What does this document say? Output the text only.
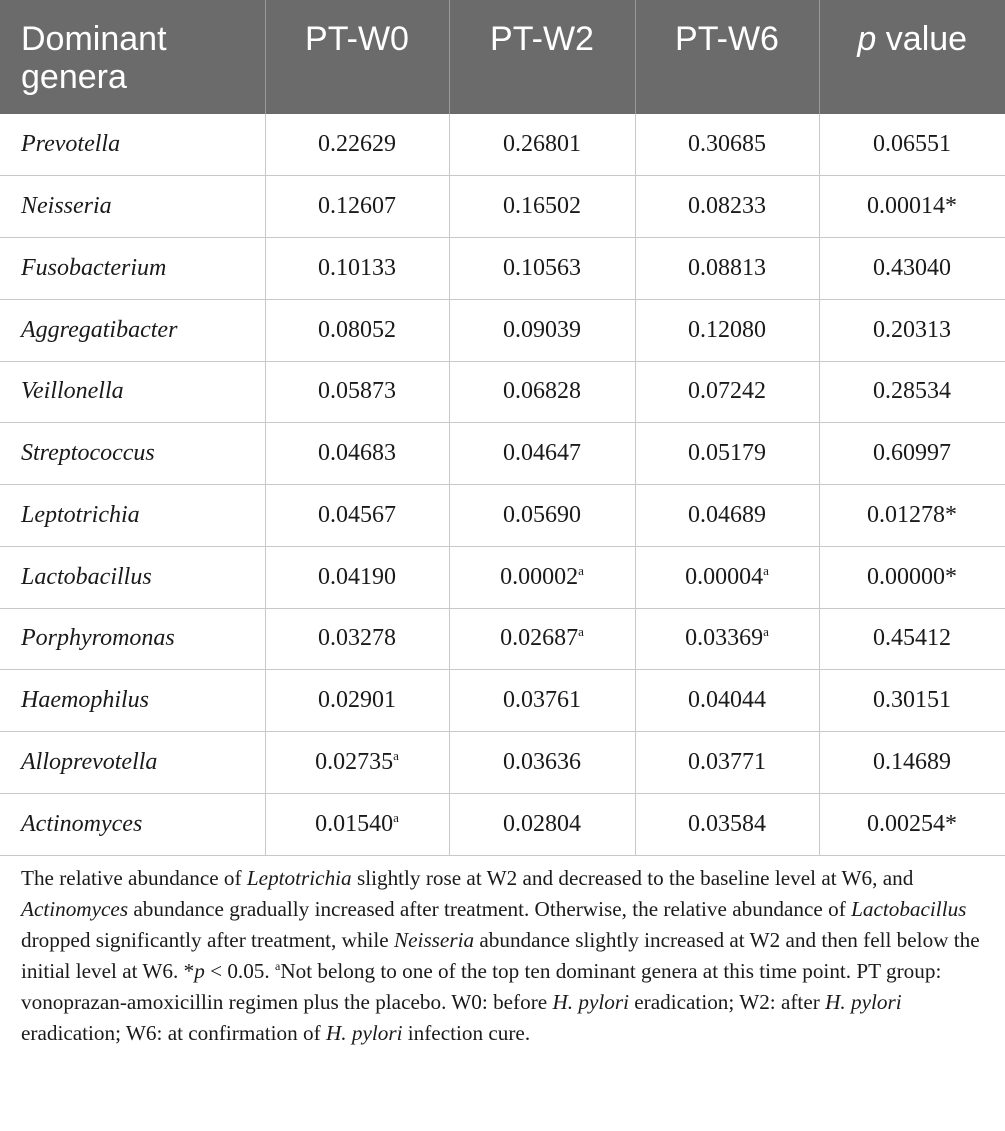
Dominant genera	PT-W0	PT-W2	PT-W6	p value
Prevotella	0.22629	0.26801	0.30685	0.06551
Neisseria	0.12607	0.16502	0.08233	0.00014*
Fusobacterium	0.10133	0.10563	0.08813	0.43040
Aggregatibacter	0.08052	0.09039	0.12080	0.20313
Veillonella	0.05873	0.06828	0.07242	0.28534
Streptococcus	0.04683	0.04647	0.05179	0.60997
Leptotrichia	0.04567	0.05690	0.04689	0.01278*
Lactobacillus	0.04190	0.00002$^a$	0.00004$^a$	0.00000*
Porphyromonas	0.03278	0.02687$^a$	0.03369$^a$	0.45412
Haemophilus	0.02901	0.03761	0.04044	0.30151
Alloprevotella	0.02735$^a$	0.03636	0.03771	0.14689
Actinomyces	0.01540$^a$	0.02804	0.03584	0.00254*
The relative abundance of Leptotrichia slightly rose at W2 and decreased to the baseline level at W6, and Actinomyces abundance gradually increased after treatment. Otherwise, the relative abundance of Lactobacillus dropped significantly after treatment, while Neisseria abundance slightly increased at W2 and then fell below the initial level at W6. *p < 0.05. $^a$Not belong to one of the top ten dominant genera at this time point. PT group: vonoprazan-amoxicillin regimen plus the placebo. W0: before H. pylori eradication; W2: after H. pylori eradication; W6: at confirmation of H. pylori infection cure.
